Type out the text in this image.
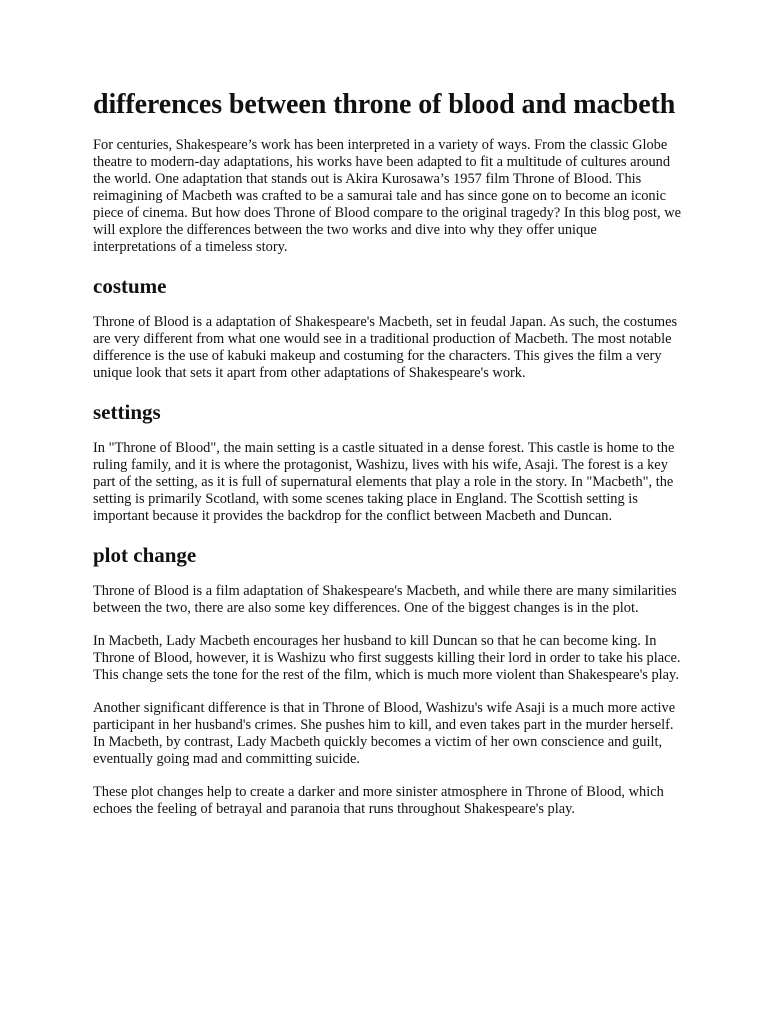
differences between throne of blood and macbeth

For centuries, Shakespeare’s work has been interpreted in a variety of ways. From the classic Globe theatre to modern-day adaptations, his works have been adapted to fit a multitude of cultures around the world. One adaptation that stands out is Akira Kurosawa’s 1957 film Throne of Blood. This reimagining of Macbeth was crafted to be a samurai tale and has since gone on to become an iconic piece of cinema. But how does Throne of Blood compare to the original tragedy? In this blog post, we will explore the differences between the two works and dive into why they offer unique interpretations of a timeless story.

costume

Throne of Blood is a adaptation of Shakespeare's Macbeth, set in feudal Japan. As such, the costumes are very different from what one would see in a traditional production of Macbeth. The most notable difference is the use of kabuki makeup and costuming for the characters. This gives the film a very unique look that sets it apart from other adaptations of Shakespeare's work.

settings

In "Throne of Blood", the main setting is a castle situated in a dense forest. This castle is home to the ruling family, and it is where the protagonist, Washizu, lives with his wife, Asaji. The forest is a key part of the setting, as it is full of supernatural elements that play a role in the story. In "Macbeth", the setting is primarily Scotland, with some scenes taking place in England. The Scottish setting is important because it provides the backdrop for the conflict between Macbeth and Duncan.

plot change

Throne of Blood is a film adaptation of Shakespeare's Macbeth, and while there are many similarities between the two, there are also some key differences. One of the biggest changes is in the plot.

In Macbeth, Lady Macbeth encourages her husband to kill Duncan so that he can become king. In Throne of Blood, however, it is Washizu who first suggests killing their lord in order to take his place. This change sets the tone for the rest of the film, which is much more violent than Shakespeare's play.

Another significant difference is that in Throne of Blood, Washizu's wife Asaji is a much more active participant in her husband's crimes. She pushes him to kill, and even takes part in the murder herself. In Macbeth, by contrast, Lady Macbeth quickly becomes a victim of her own conscience and guilt, eventually going mad and committing suicide.

These plot changes help to create a darker and more sinister atmosphere in Throne of Blood, which echoes the feeling of betrayal and paranoia that runs throughout Shakespeare's play.
